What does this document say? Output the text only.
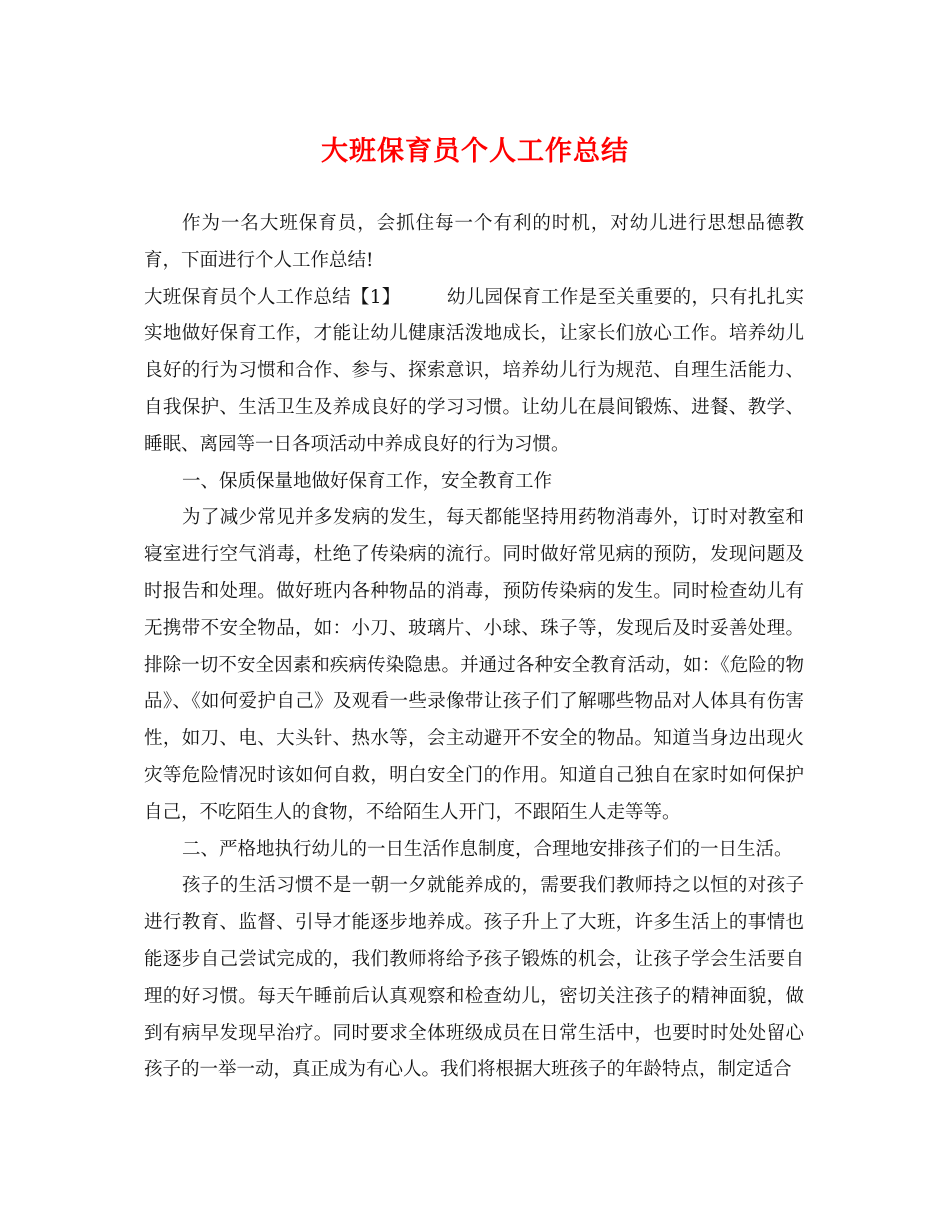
大班保育员个人工作总结

作为一名大班保育员，会抓住每一个有利的时机，对幼儿进行思想品德教育，下面进行个人工作总结!

大班保育员个人工作总结【1】 幼儿园保育工作是至关重要的，只有扎扎实实地做好保育工作，才能让幼儿健康活泼地成长，让家长们放心工作。培养幼儿良好的行为习惯和合作、参与、探索意识，培养幼儿行为规范、自理生活能力、自我保护、生活卫生及养成良好的学习习惯。让幼儿在晨间锻炼、进餐、教学、睡眠、离园等一日各项活动中养成良好的行为习惯。

一、保质保量地做好保育工作，安全教育工作

为了减少常见并多发病的发生，每天都能坚持用药物消毒外，订时对教室和寝室进行空气消毒，杜绝了传染病的流行。同时做好常见病的预防，发现问题及时报告和处理。做好班内各种物品的消毒，预防传染病的发生。同时检查幼儿有无携带不安全物品，如：小刀、玻璃片、小球、珠子等，发现后及时妥善处理。排除一切不安全因素和疾病传染隐患。并通过各种安全教育活动，如：《危险的物品》、《如何爱护自己》及观看一些录像带让孩子们了解哪些物品对人体具有伤害性，如刀、电、大头针、热水等，会主动避开不安全的物品。知道当身边出现火灾等危险情况时该如何自救，明白安全门的作用。知道自己独自在家时如何保护自己，不吃陌生人的食物，不给陌生人开门，不跟陌生人走等等。

二、严格地执行幼儿的一日生活作息制度，合理地安排孩子们的一日生活。

孩子的生活习惯不是一朝一夕就能养成的，需要我们教师持之以恒的对孩子进行教育、监督、引导才能逐步地养成。孩子升上了大班，许多生活上的事情也能逐步自己尝试完成的，我们教师将给予孩子锻炼的机会，让孩子学会生活要自理的好习惯。每天午睡前后认真观察和检查幼儿，密切关注孩子的精神面貌，做到有病早发现早治疗。同时要求全体班级成员在日常生活中，也要时时处处留心孩子的一举一动，真正成为有心人。我们将根据大班孩子的年龄特点，制定适合
